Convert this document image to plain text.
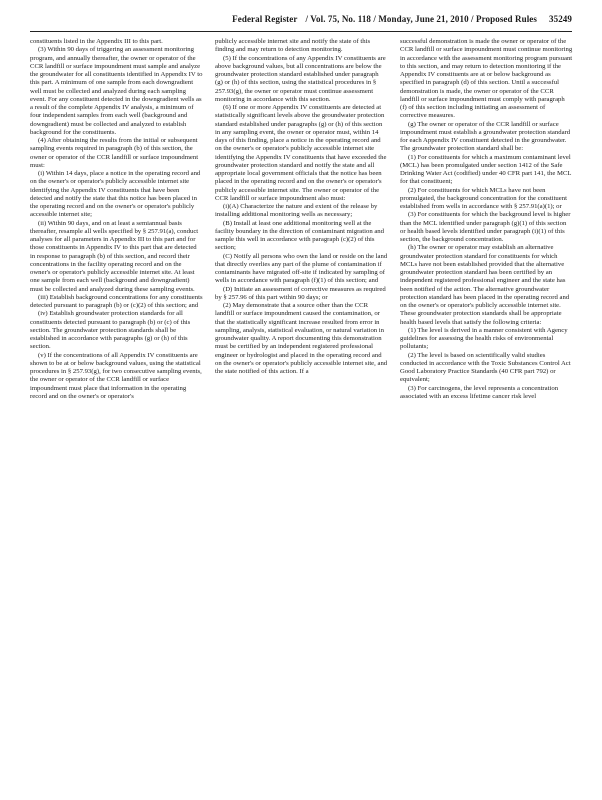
Federal Register / Vol. 75, No. 118 / Monday, June 21, 2010 / Proposed Rules 35249

constituents listed in the Appendix III to this part.

(3) Within 90 days of triggering an assessment monitoring program, and annually thereafter, the owner or operator of the CCR landfill or surface impoundment must sample and analyze the groundwater for all constituents identified in Appendix IV to this part. A minimum of one sample from each downgradient well must be collected and analyzed during each sampling event. For any constituent detected in the downgradient wells as a result of the complete Appendix IV analysis, a minimum of four independent samples from each well (background and downgradient) must be collected and analyzed to establish background for the constituents.

(4) After obtaining the results from the initial or subsequent sampling events required in paragraph (b) of this section, the owner or operator of the CCR landfill or surface impoundment must:

(i) Within 14 days, place a notice in the operating record and on the owner's or operator's publicly accessible internet site identifying the Appendix IV constituents that have been detected and notify the state that this notice has been placed in the operating record and on the owner's or operator's publicly accessible internet site;

(ii) Within 90 days, and on at least a semiannual basis thereafter, resample all wells specified by § 257.91(a), conduct analyses for all parameters in Appendix III to this part and for those constituents in Appendix IV to this part that are detected in response to paragraph (b) of this section, and record their concentrations in the facility operating record and on the owner's or operator's publicly accessible internet site. At least one sample from each well (background and downgradient) must be collected and analyzed during these sampling events.

(iii) Establish background concentrations for any constituents detected pursuant to paragraph (b) or (c)(2) of this section; and

(iv) Establish groundwater protection standards for all constituents detected pursuant to paragraph (b) or (c) of this section. The groundwater protection standards shall be established in accordance with paragraphs (g) or (h) of this section.

(v) If the concentrations of all Appendix IV constituents are shown to be at or below background values, using the statistical procedures in § 257.93(g), for two consecutive sampling events, the owner or operator of the CCR landfill or surface impoundment must place that information in the operating record and on the owner's or operator's

publicly accessible internet site and notify the state of this finding and may return to detection monitoring.

(5) If the concentrations of any Appendix IV constituents are above background values, but all concentrations are below the groundwater protection standard established under paragraph (g) or (h) of this section, using the statistical procedures in § 257.93(g), the owner or operator must continue assessment monitoring in accordance with this section.

(6) If one or more Appendix IV constituents are detected at statistically significant levels above the groundwater protection standard established under paragraphs (g) or (h) of this section in any sampling event, the owner or operator must, within 14 days of this finding, place a notice in the operating record and on the owner's or operator's publicly accessible internet site identifying the Appendix IV constituents that have exceeded the groundwater protection standard and notify the state and all appropriate local government officials that the notice has been placed in the operating record and on the owner's or operator's publicly accessible internet site. The owner or operator of the CCR landfill or surface impoundment also must:

(i)(A) Characterize the nature and extent of the release by installing additional monitoring wells as necessary;

(B) Install at least one additional monitoring well at the facility boundary in the direction of contaminant migration and sample this well in accordance with paragraph (c)(2) of this section;

(C) Notify all persons who own the land or reside on the land that directly overlies any part of the plume of contamination if contaminants have migrated off-site if indicated by sampling of wells in accordance with paragraph (f)(1) of this section; and

(D) Initiate an assessment of corrective measures as required by § 257.96 of this part within 90 days; or

(2) May demonstrate that a source other than the CCR landfill or surface impoundment caused the contamination, or that the statistically significant increase resulted from error in sampling, analysis, statistical evaluation, or natural variation in groundwater quality. A report documenting this demonstration must be certified by an independent registered professional engineer or hydrologist and placed in the operating record and on the owner's or operator's publicly accessible internet site, and the state notified of this action. If a

successful demonstration is made the owner or operator of the CCR landfill or surface impoundment must continue monitoring in accordance with the assessment monitoring program pursuant to this section, and may return to detection monitoring if the Appendix IV constituents are at or below background as specified in paragraph (d) of this section. Until a successful demonstration is made, the owner or operator of the CCR landfill or surface impoundment must comply with paragraph (f) of this section including initiating an assessment of corrective measures.

(g) The owner or operator of the CCR landfill or surface impoundment must establish a groundwater protection standard for each Appendix IV constituent detected in the groundwater. The groundwater protection standard shall be:

(1) For constituents for which a maximum contaminant level (MCL) has been promulgated under section 1412 of the Safe Drinking Water Act (codified) under 40 CFR part 141, the MCL for that constituent;

(2) For constituents for which MCLs have not been promulgated, the background concentration for the constituent established from wells in accordance with § 257.91(a)(1); or

(3) For constituents for which the background level is higher than the MCL identified under paragraph (g)(1) of this section or health based levels identified under paragraph (i)(1) of this section, the background concentration.

(h) The owner or operator may establish an alternative groundwater protection standard for constituents for which MCLs have not been established provided that the alternative groundwater protection standard has been certified by an independent registered professional engineer and the state has been notified of the action. The alternative groundwater protection standard has been placed in the operating record and on the owner's or operator's publicly accessible internet site. These groundwater protection standards shall be appropriate health based levels that satisfy the following criteria:

(1) The level is derived in a manner consistent with Agency guidelines for assessing the health risks of environmental pollutants;

(2) The level is based on scientifically valid studies conducted in accordance with the Toxic Substances Control Act Good Laboratory Practice Standards (40 CFR part 792) or equivalent;

(3) For carcinogens, the level represents a concentration associated with an excess lifetime cancer risk level
